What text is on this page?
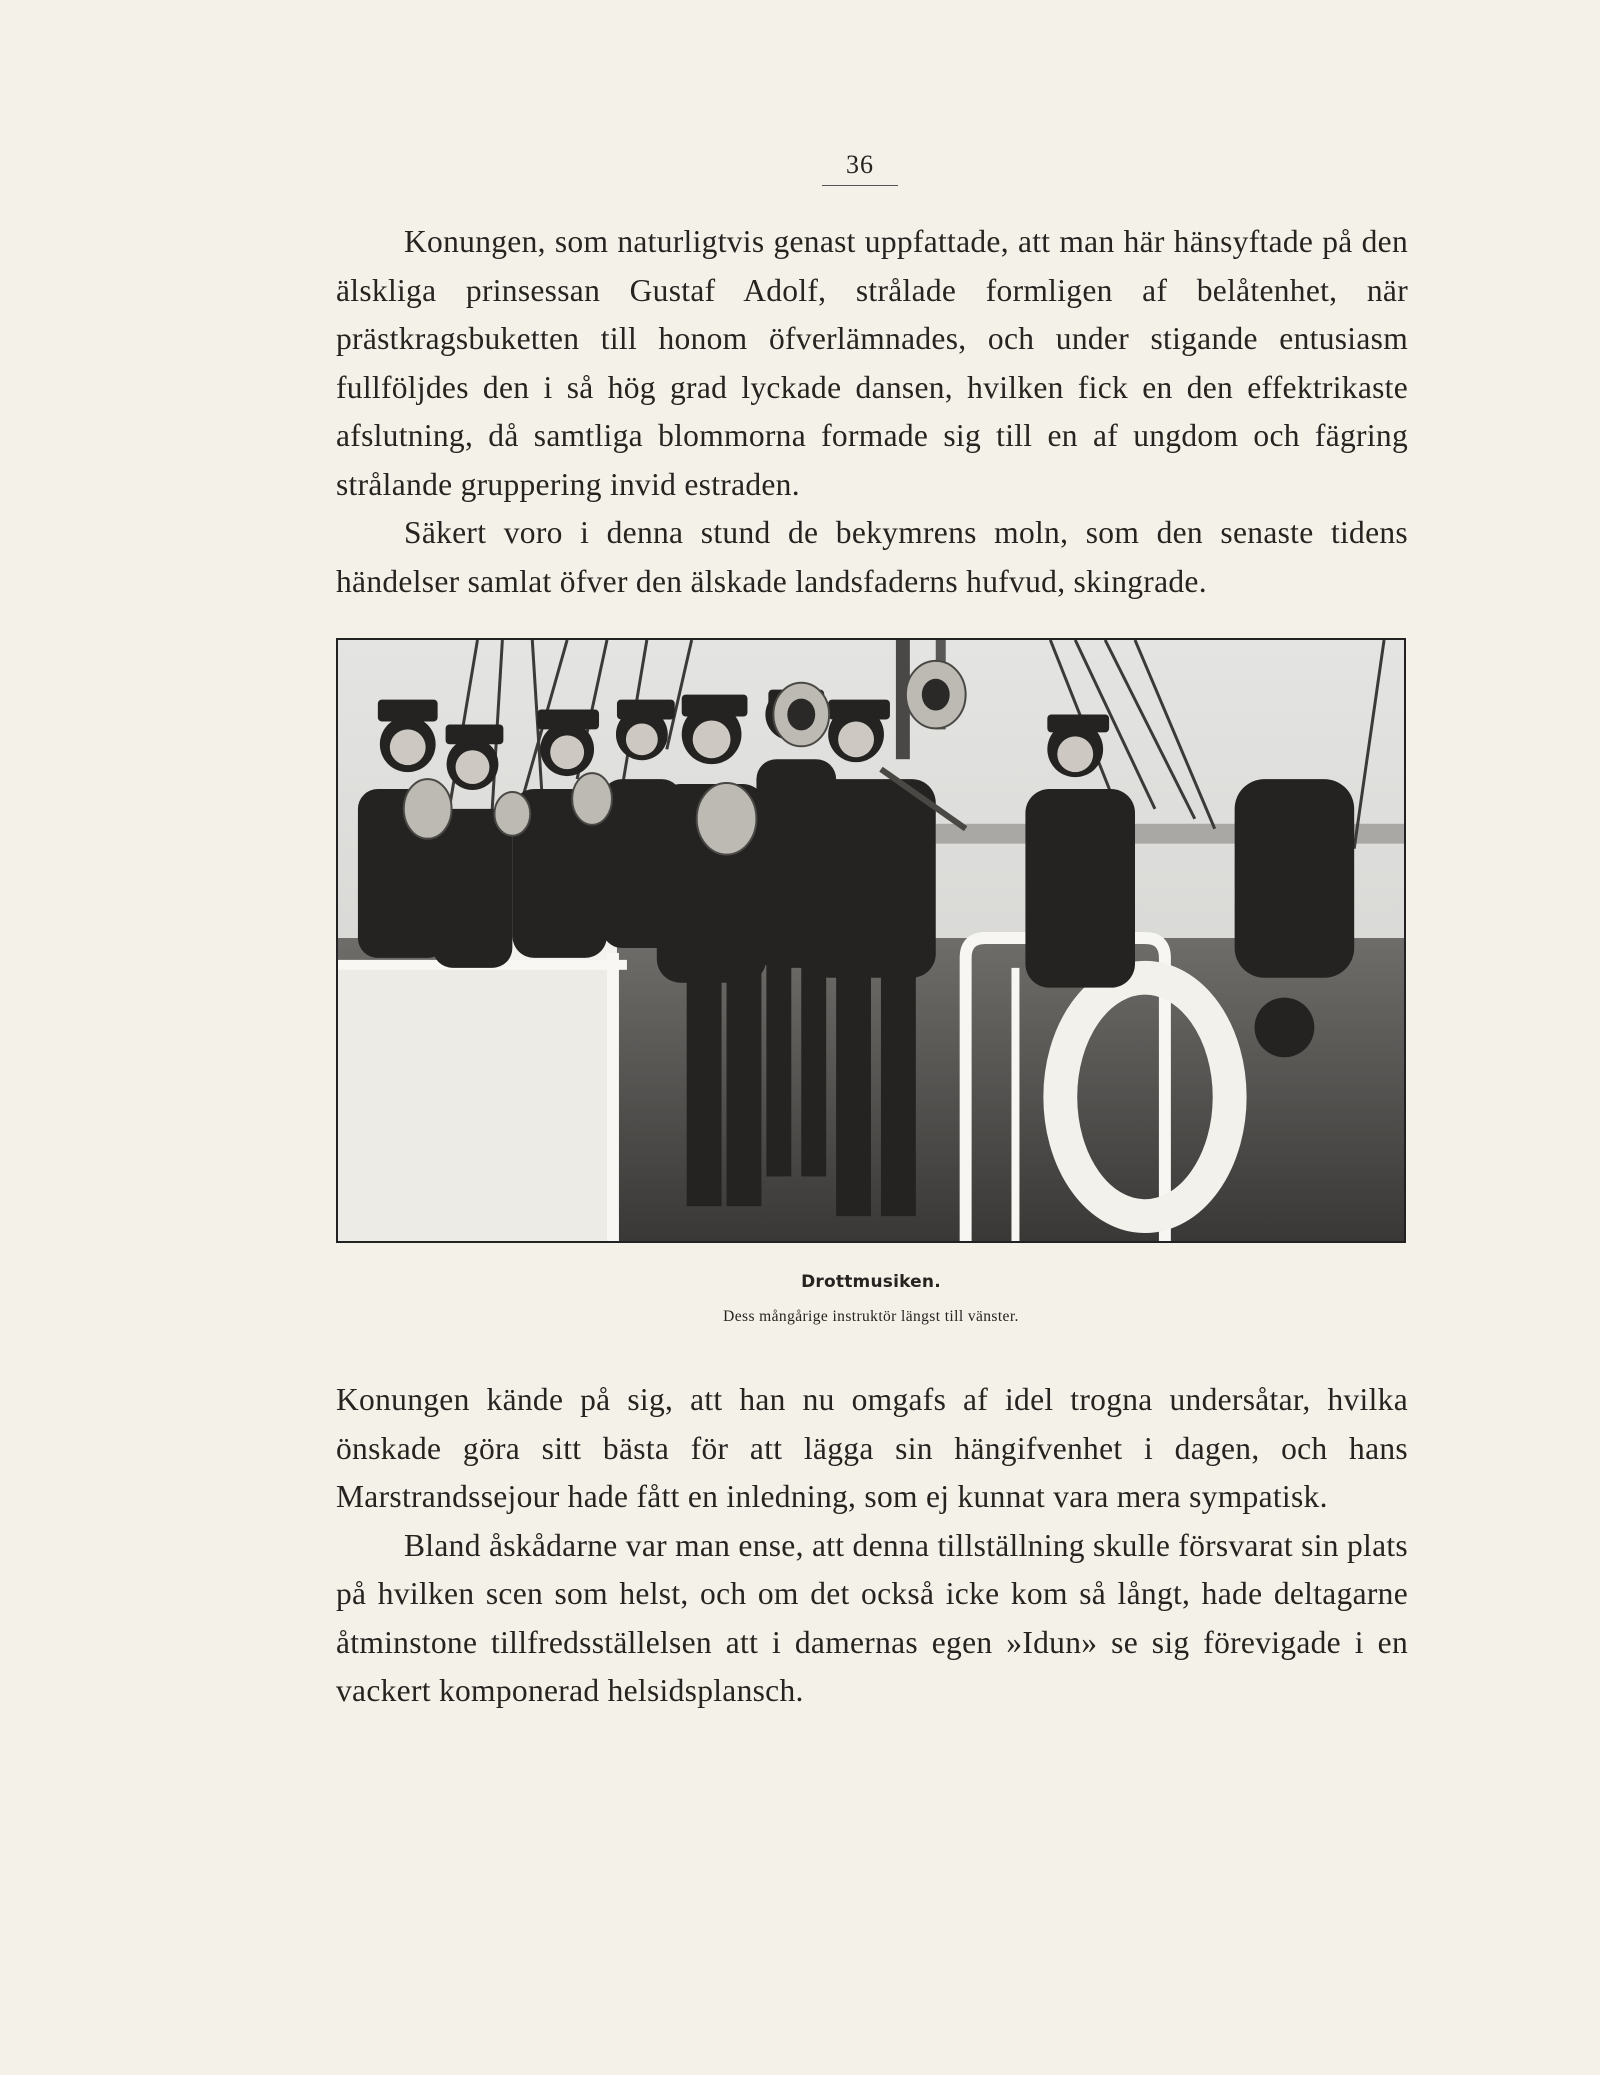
36

Konungen, som naturligtvis genast uppfattade, att man här hänsyftade på den älskliga prinsessan Gustaf Adolf, strålade formligen af belåtenhet, när prästkragsbuketten till honom öfverlämnades, och under stigande entusiasm fullföljdes den i så hög grad lyckade dansen, hvilken fick en den effektrikaste afslutning, då samtliga blommorna formade sig till en af ungdom och fägring strålande gruppering invid estraden.

Säkert voro i denna stund de bekymrens moln, som den senaste tidens händelser samlat öfver den älskade landsfaderns hufvud, skingrade.

Drottmusiken.
Dess mångårige instruktör längst till vänster.

Konungen kände på sig, att han nu omgafs af idel trogna undersåtar, hvilka önskade göra sitt bästa för att lägga sin hängifvenhet i dagen, och hans Marstrandssejour hade fått en inledning, som ej kunnat vara mera sympatisk.

Bland åskådarne var man ense, att denna tillställning skulle försvarat sin plats på hvilken scen som helst, och om det också icke kom så långt, hade deltagarne åtminstone tillfredsställelsen att i damernas egen »Idun» se sig förevigade i en vackert komponerad helsidsplansch.
